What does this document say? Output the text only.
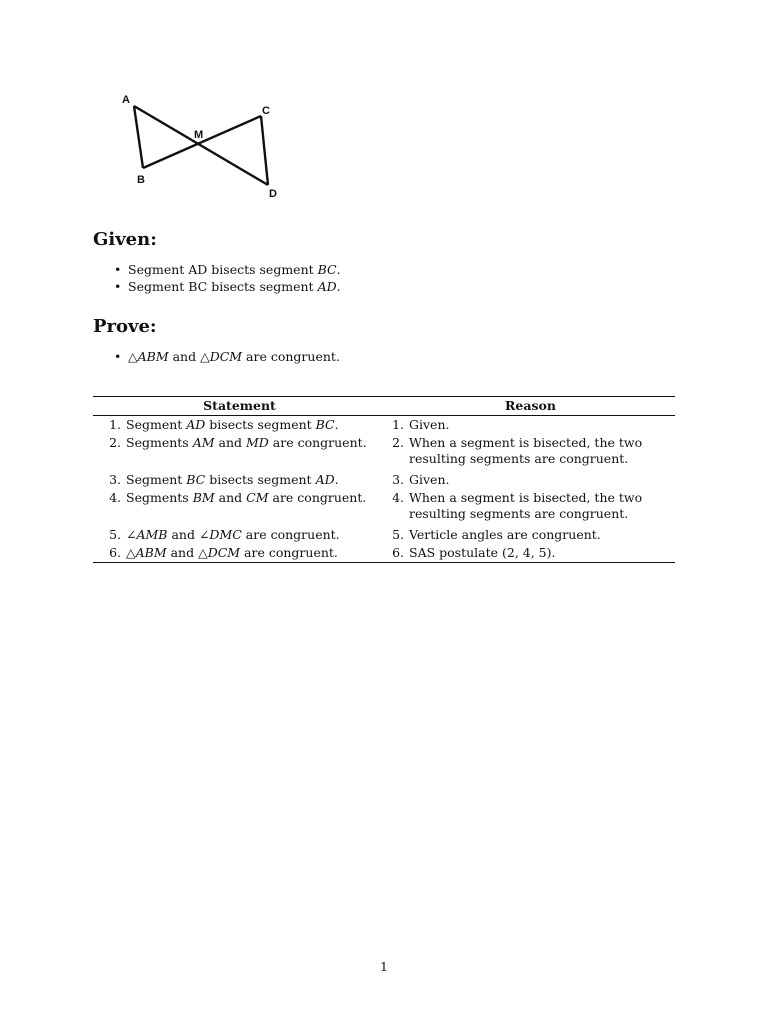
A
B
C
D
M
Given:
• Segment AD bisects segment BC.
• Segment BC bisects segment AD.
Prove:
• △ABM and △DCM are congruent.
Statement	Reason

1. Segment AD bisects segment BC.	1. Given.

2. Segments AM and MD are congruent.	2. When a segment is bisected, the two resulting segments are congruent.

3. Segment BC bisects segment AD.	3. Given.

4. Segments BM and CM are congruent.	4. When a segment is bisected, the two resulting segments are congruent.

5. ∠AMB and ∠DMC are congruent.	5. Verticle angles are congruent.

6. △ABM and △DCM are congruent.	6. SAS postulate (2, 4, 5).
1
